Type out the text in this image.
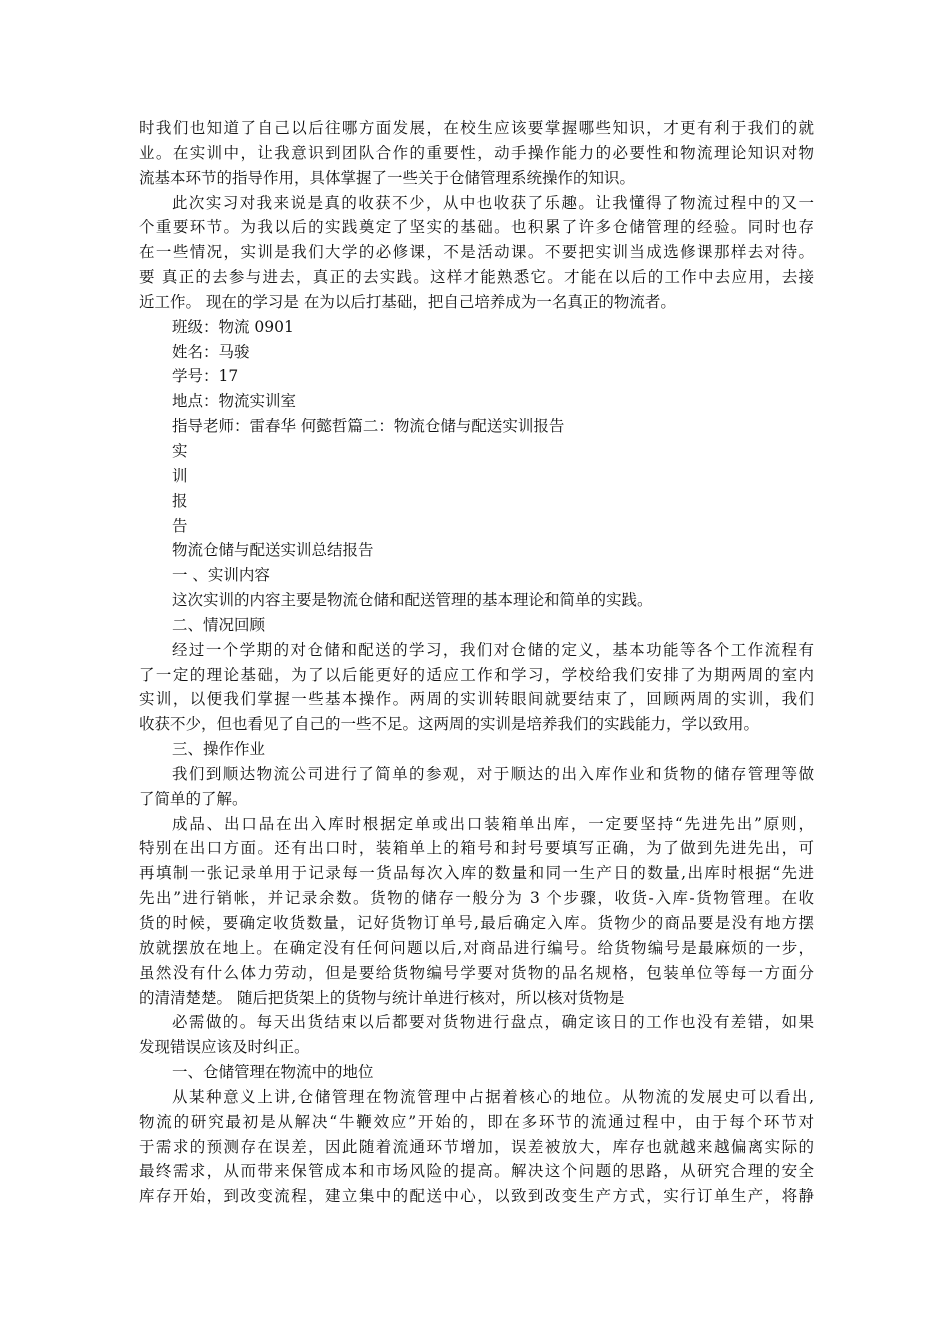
时我们也知道了自己以后往哪方面发展，在校生应该要掌握哪些知识，才更有利于我们的就
业。在实训中，让我意识到团队合作的重要性，动手操作能力的必要性和物流理论知识对物
流基本环节的指导作用，具体掌握了一些关于仓储管理系统操作的知识。
此次实习对我来说是真的收获不少，从中也收获了乐趣。让我懂得了物流过程中的又一
个重要环节。为我以后的实践奠定了坚实的基础。也积累了许多仓储管理的经验。同时也存
在一些情况，实训是我们大学的必修课，不是活动课。不要把实训当成选修课那样去对待。
要 真正的去参与进去，真正的去实践。这样才能熟悉它。才能在以后的工作中去应用，去接
近工作。 现在的学习是 在为以后打基础，把自己培养成为一名真正的物流者。
班级：物流 0901
姓名：马骏
学号：17
地点：物流实训室
指导老师：雷春华 何懿哲篇二：物流仓储与配送实训报告
实
训
报
告
物流仓储与配送实训总结报告
一 、实训内容
这次实训的内容主要是物流仓储和配送管理的基本理论和简单的实践。
二、情况回顾
经过一个学期的对仓储和配送的学习，我们对仓储的定义，基本功能等各个工作流程有
了一定的理论基础，为了以后能更好的适应工作和学习，学校给我们安排了为期两周的室内
实训，以便我们掌握一些基本操作。两周的实训转眼间就要结束了，回顾两周的实训，我们
收获不少，但也看见了自己的一些不足。这两周的实训是培养我们的实践能力，学以致用。
三、操作作业
我们到顺达物流公司进行了简单的参观，对于顺达的出入库作业和货物的储存管理等做
了简单的了解。
成品、出口品在出入库时根据定单或出口装箱单出库，一定要坚持“先进先出”原则，
特别在出口方面。还有出口时，装箱单上的箱号和封号要填写正确，为了做到先进先出，可
再填制一张记录单用于记录每一货品每次入库的数量和同一生产日的数量,出库时根据“先进
先出”进行销帐，并记录余数。货物的储存一般分为 3 个步骤，收货-入库-货物管理。在收
货的时候，要确定收货数量，记好货物订单号,最后确定入库。货物少的商品要是没有地方摆
放就摆放在地上。在确定没有任何问题以后,对商品进行编号。给货物编号是最麻烦的一步，
虽然没有什么体力劳动，但是要给货物编号学要对货物的品名规格，包装单位等每一方面分
的清清楚楚。 随后把货架上的货物与统计单进行核对，所以核对货物是
必需做的。每天出货结束以后都要对货物进行盘点，确定该日的工作也没有差错，如果
发现错误应该及时纠正。
一、仓储管理在物流中的地位
从某种意义上讲,仓储管理在物流管理中占据着核心的地位。从物流的发展史可以看出,
物流的研究最初是从解决“牛鞭效应”开始的，即在多环节的流通过程中，由于每个环节对
于需求的预测存在误差，因此随着流通环节增加，误差被放大，库存也就越来越偏离实际的
最终需求，从而带来保管成本和市场风险的提高。解决这个问题的思路，从研究合理的安全
库存开始，到改变流程，建立集中的配送中心，以致到改变生产方式，实行订单生产，将静
